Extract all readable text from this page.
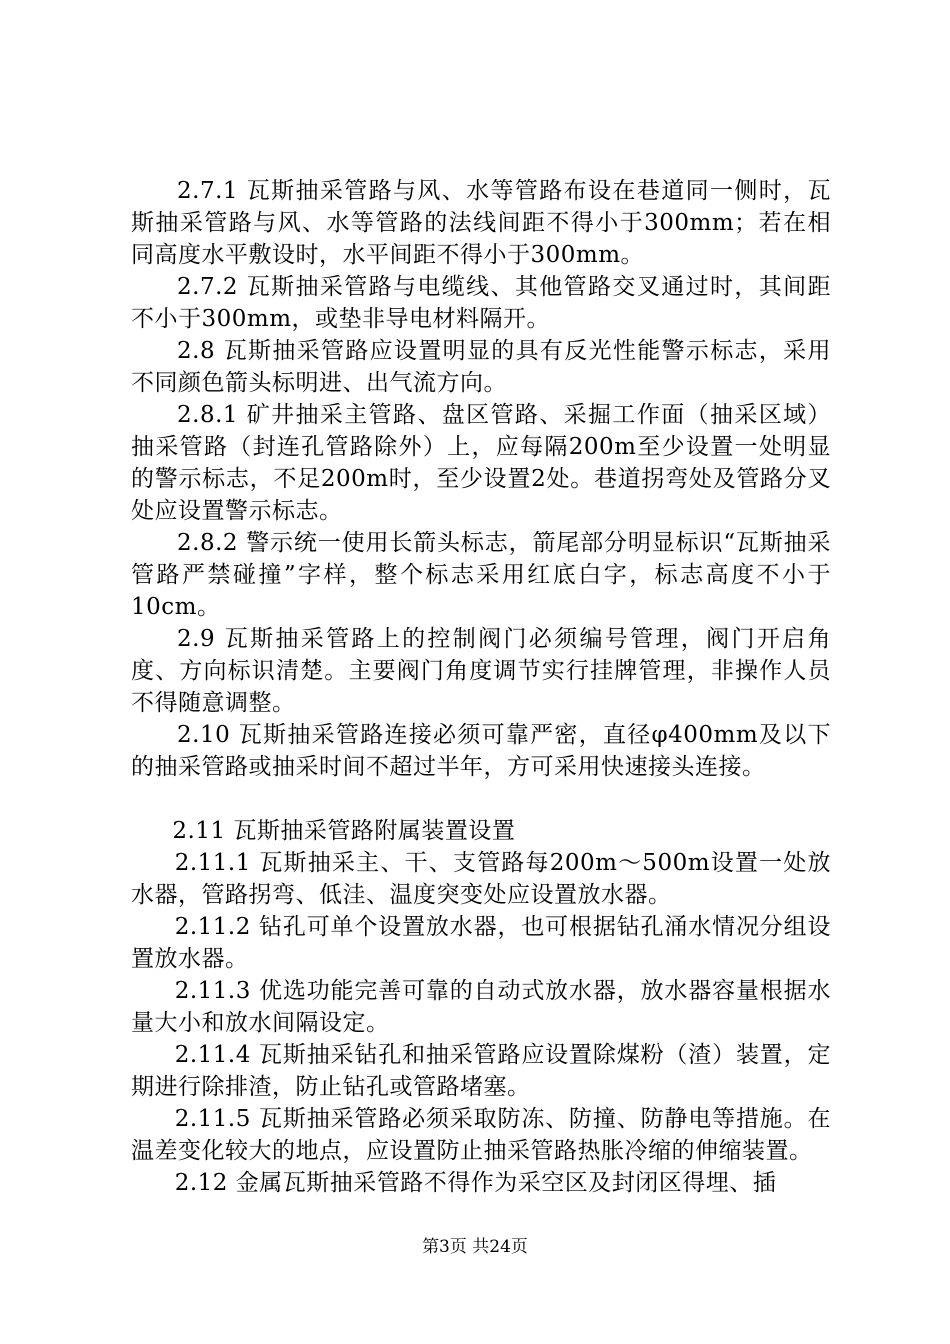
2.7.1 瓦斯抽采管路与风、水等管路布设在巷道同一侧时，瓦斯抽采管路与风、水等管路的法线间距不得小于300mm；若在相同高度水平敷设时，水平间距不得小于300mm。

2.7.2 瓦斯抽采管路与电缆线、其他管路交叉通过时，其间距不小于300mm，或垫非导电材料隔开。

2.8 瓦斯抽采管路应设置明显的具有反光性能警示标志，采用不同颜色箭头标明进、出气流方向。

2.8.1 矿井抽采主管路、盘区管路、采掘工作面（抽采区域）抽采管路（封连孔管路除外）上，应每隔200m至少设置一处明显的警示标志，不足200m时，至少设置2处。巷道拐弯处及管路分叉处应设置警示标志。

2.8.2 警示统一使用长箭头标志，箭尾部分明显标识“瓦斯抽采管路严禁碰撞”字样，整个标志采用红底白字，标志高度不小于10cm。

2.9 瓦斯抽采管路上的控制阀门必须编号管理，阀门开启角度、方向标识清楚。主要阀门角度调节实行挂牌管理，非操作人员不得随意调整。

2.10 瓦斯抽采管路连接必须可靠严密，直径φ400mm及以下的抽采管路或抽采时间不超过半年，方可采用快速接头连接。

2.11 瓦斯抽采管路附属装置设置

2.11.1 瓦斯抽采主、干、支管路每200m～500m设置一处放水器，管路拐弯、低洼、温度突变处应设置放水器。

2.11.2 钻孔可单个设置放水器，也可根据钻孔涌水情况分组设置放水器。

2.11.3 优选功能完善可靠的自动式放水器，放水器容量根据水量大小和放水间隔设定。

2.11.4 瓦斯抽采钻孔和抽采管路应设置除煤粉（渣）装置，定期进行除排渣，防止钻孔或管路堵塞。

2.11.5 瓦斯抽采管路必须采取防冻、防撞、防静电等措施。在温差变化较大的地点，应设置防止抽采管路热胀冷缩的伸缩装置。

2.12 金属瓦斯抽采管路不得作为采空区及封闭区得埋、插

第3页 共24页
